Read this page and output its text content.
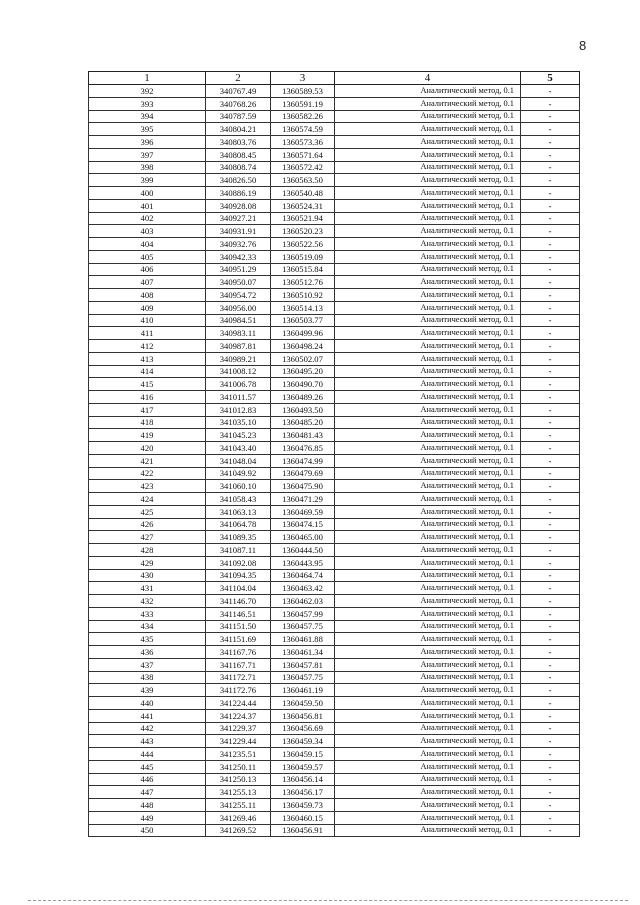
8
1	2	3	4	5
392	340767.49	1360589.53	Аналитический метод, 0.1	-
393	340768.26	1360591.19	Аналитический метод, 0.1	-
394	340787.59	1360582.26	Аналитический метод, 0.1	-
395	340804.21	1360574.59	Аналитический метод, 0.1	-
396	340803.76	1360573.36	Аналитический метод, 0.1	-
397	340808.45	1360571.64	Аналитический метод, 0.1	-
398	340808.74	1360572.42	Аналитический метод, 0.1	-
399	340826.50	1360563.50	Аналитический метод, 0.1	-
400	340886.19	1360540.48	Аналитический метод, 0.1	-
401	340928.08	1360524.31	Аналитический метод, 0.1	-
402	340927.21	1360521.94	Аналитический метод, 0.1	-
403	340931.91	1360520.23	Аналитический метод, 0.1	-
404	340932.76	1360522.56	Аналитический метод, 0.1	-
405	340942.33	1360519.09	Аналитический метод, 0.1	-
406	340951.29	1360515.84	Аналитический метод, 0.1	-
407	340950.07	1360512.76	Аналитический метод, 0.1	-
408	340954.72	1360510.92	Аналитический метод, 0.1	-
409	340956.00	1360514.13	Аналитический метод, 0.1	-
410	340984.51	1360503.77	Аналитический метод, 0.1	-
411	340983.11	1360499.96	Аналитический метод, 0.1	-
412	340987.81	1360498.24	Аналитический метод, 0.1	-
413	340989.21	1360502.07	Аналитический метод, 0.1	-
414	341008.12	1360495.20	Аналитический метод, 0.1	-
415	341006.78	1360490.70	Аналитический метод, 0.1	-
416	341011.57	1360489.26	Аналитический метод, 0.1	-
417	341012.83	1360493.50	Аналитический метод, 0.1	-
418	341035.10	1360485.20	Аналитический метод, 0.1	-
419	341045.23	1360481.43	Аналитический метод, 0.1	-
420	341043.40	1360476.85	Аналитический метод, 0.1	-
421	341048.04	1360474.99	Аналитический метод, 0.1	-
422	341049.92	1360479.69	Аналитический метод, 0.1	-
423	341060.10	1360475.90	Аналитический метод, 0.1	-
424	341058.43	1360471.29	Аналитический метод, 0.1	-
425	341063.13	1360469.59	Аналитический метод, 0.1	-
426	341064.78	1360474.15	Аналитический метод, 0.1	-
427	341089.35	1360465.00	Аналитический метод, 0.1	-
428	341087.11	1360444.50	Аналитический метод, 0.1	-
429	341092.08	1360443.95	Аналитический метод, 0.1	-
430	341094.35	1360464.74	Аналитический метод, 0.1	-
431	341104.04	1360463.42	Аналитический метод, 0.1	-
432	341146.70	1360462.03	Аналитический метод, 0.1	-
433	341146.51	1360457.99	Аналитический метод, 0.1	-
434	341151.50	1360457.75	Аналитический метод, 0.1	-
435	341151.69	1360461.88	Аналитический метод, 0.1	-
436	341167.76	1360461.34	Аналитический метод, 0.1	-
437	341167.71	1360457.81	Аналитический метод, 0.1	-
438	341172.71	1360457.75	Аналитический метод, 0.1	-
439	341172.76	1360461.19	Аналитический метод, 0.1	-
440	341224.44	1360459.50	Аналитический метод, 0.1	-
441	341224.37	1360456.81	Аналитический метод, 0.1	-
442	341229.37	1360456.69	Аналитический метод, 0.1	-
443	341229.44	1360459.34	Аналитический метод, 0.1	-
444	341235.51	1360459.15	Аналитический метод, 0.1	-
445	341250.11	1360459.57	Аналитический метод, 0.1	-
446	341250.13	1360456.14	Аналитический метод, 0.1	-
447	341255.13	1360456.17	Аналитический метод, 0.1	-
448	341255.11	1360459.73	Аналитический метод, 0.1	-
449	341269.46	1360460.15	Аналитический метод, 0.1	-
450	341269.52	1360456.91	Аналитический метод, 0.1	-
